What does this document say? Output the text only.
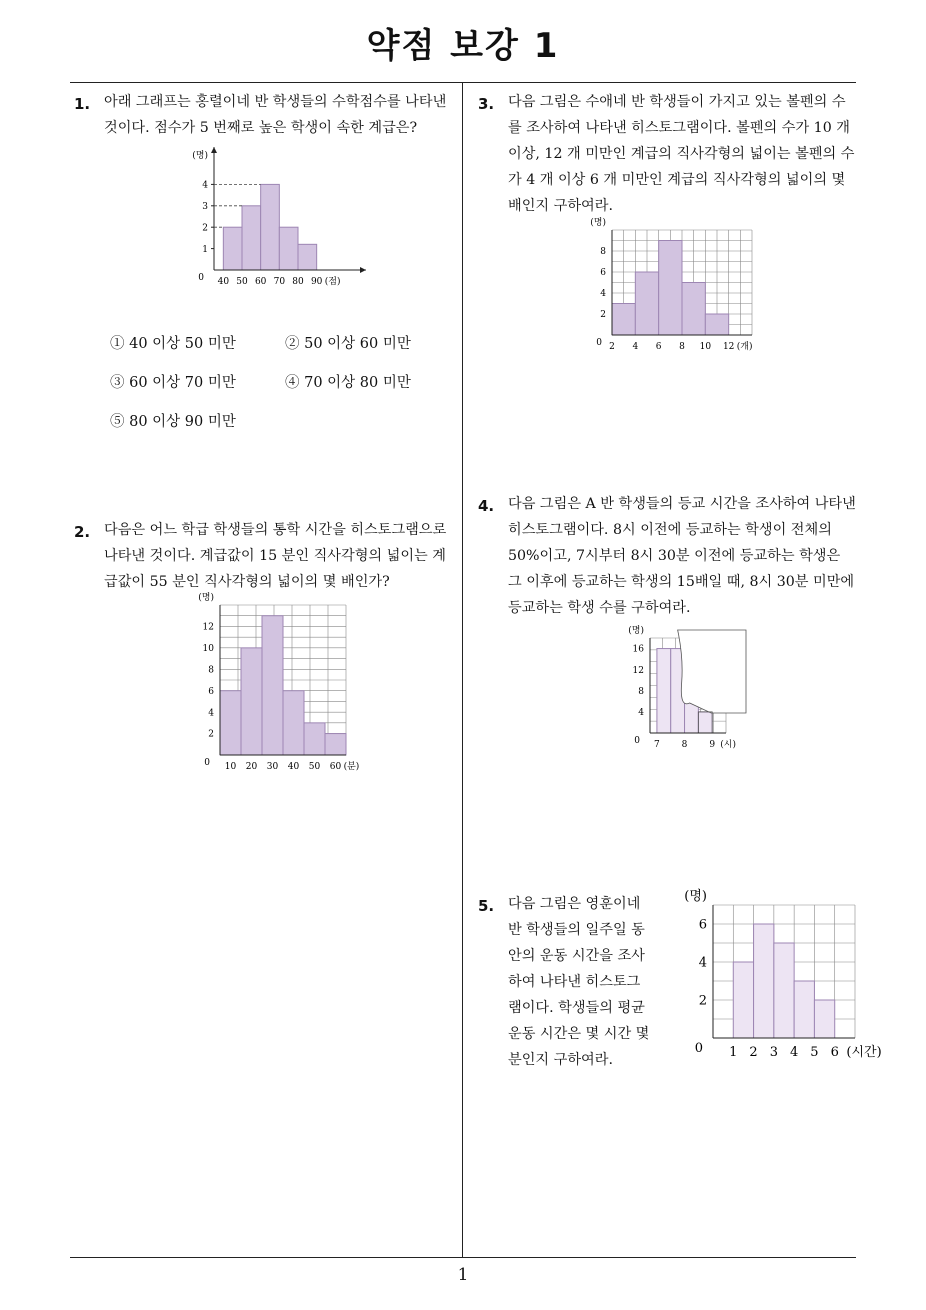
약점 보강 1
1. 아래 그래프는 홍렬이네 반 학생들의 수학점수를 나타낸 것이다. 점수가 5 번째로 높은 학생이 속한 계급은?

1
2
3
4
40 50 60 70 80 90
0
(명)
(점)
① 40 이상 50 미만	② 50 이상 60 미만
③ 60 이상 70 미만	④ 70 이상 80 미만
⑤ 80 이상 90 미만
2. 다음은 어느 학급 학생들의 통학 시간을 히스토그램으로 나타낸 것이다. 계급값이 15 분인 직사각형의 넓이는 계급값이 55 분인 직사각형의 넓이의 몇 배인가?

2
4
6
8
10
12
10 20 30 40 50 60
0
(명)
(분)
3. 다음 그림은 수애네 반 학생들이 가지고 있는 볼펜의 수를 조사하여 나타낸 히스토그램이다. 볼펜의 수가 10 개 이상, 12 개 미만인 계급의 직사각형의 넓이는 볼펜의 수가 4 개 이상 6 개 미만인 계급의 직사각형의 넓이의 몇 배인지 구하여라.

2
4
6
8
2 4 6 8 10 12
0
(명)
(개)
4. 다음 그림은 A 반 학생들의 등교 시간을 조사하여 나타낸 히스토그램이다. 8시 이전에 등교하는 학생이 전체의 50%이고, 7시부터 8시 30분 이전에 등교하는 학생은 그 이후에 등교하는 학생의 15배일 때, 8시 30분 미만에 등교하는 학생 수를 구하여라.

4
8
12
16
7 8 9
0
(명)
(시)
5. 다음 그림은 영훈이네 반 학생들의 일주일 동안의 운동 시간을 조사하여 나타낸 히스토그램이다. 학생들의 평균 운동 시간은 몇 시간 몇 분인지 구하여라.

2
4
6
1 2 3 4 5 6
0
(명)
(시간)
1
